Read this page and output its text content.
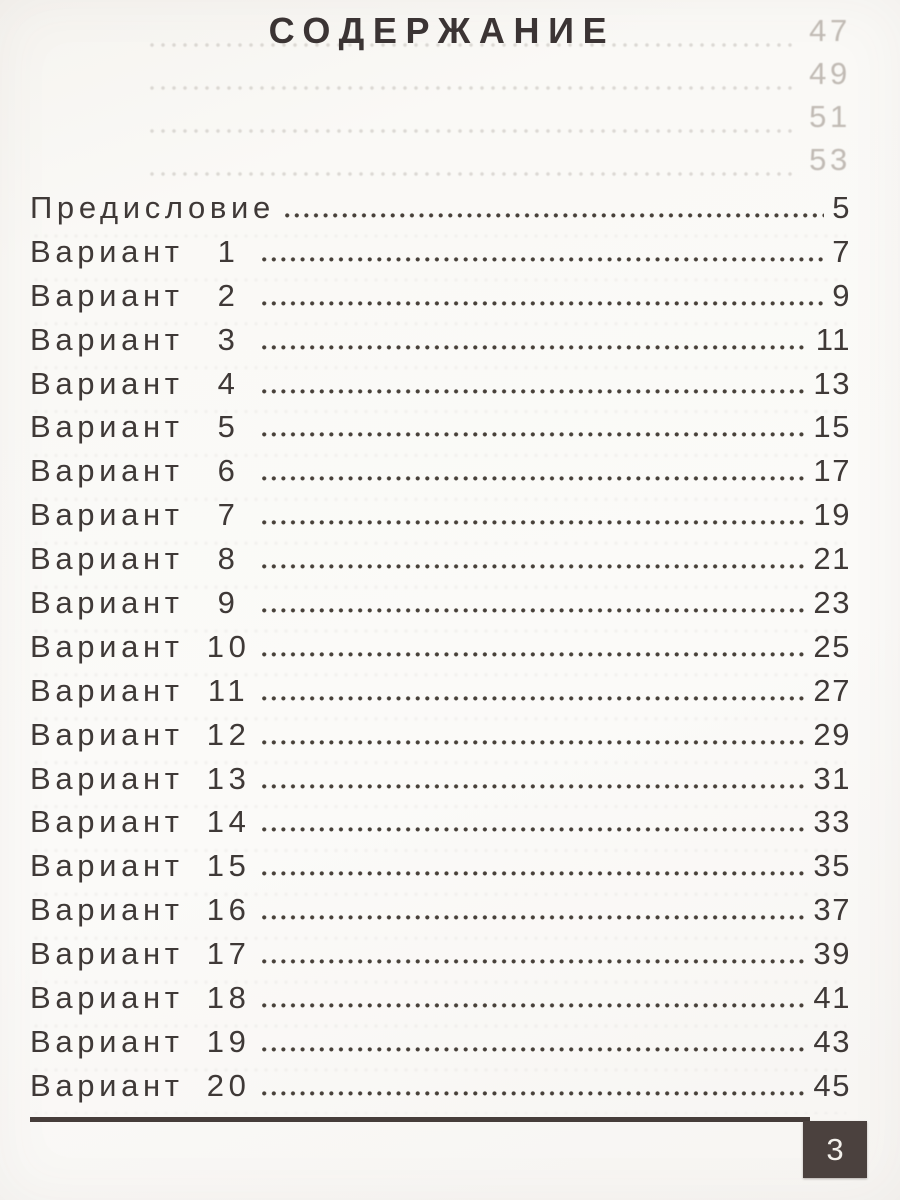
47
49
51
53
СОДЕРЖАНИЕ
Предисловие	5
Вариант	1	7
Вариант	2	9
Вариант	3	11
Вариант	4	13
Вариант	5	15
Вариант	6	17
Вариант	7	19
Вариант	8	21
Вариант	9	23
Вариант 10	25
Вариант 11	27
Вариант 12	29
Вариант 13	31
Вариант 14	33
Вариант 15	35
Вариант 16	37
Вариант 17	39
Вариант 18	41
Вариант 19	43
Вариант 20	45
3
